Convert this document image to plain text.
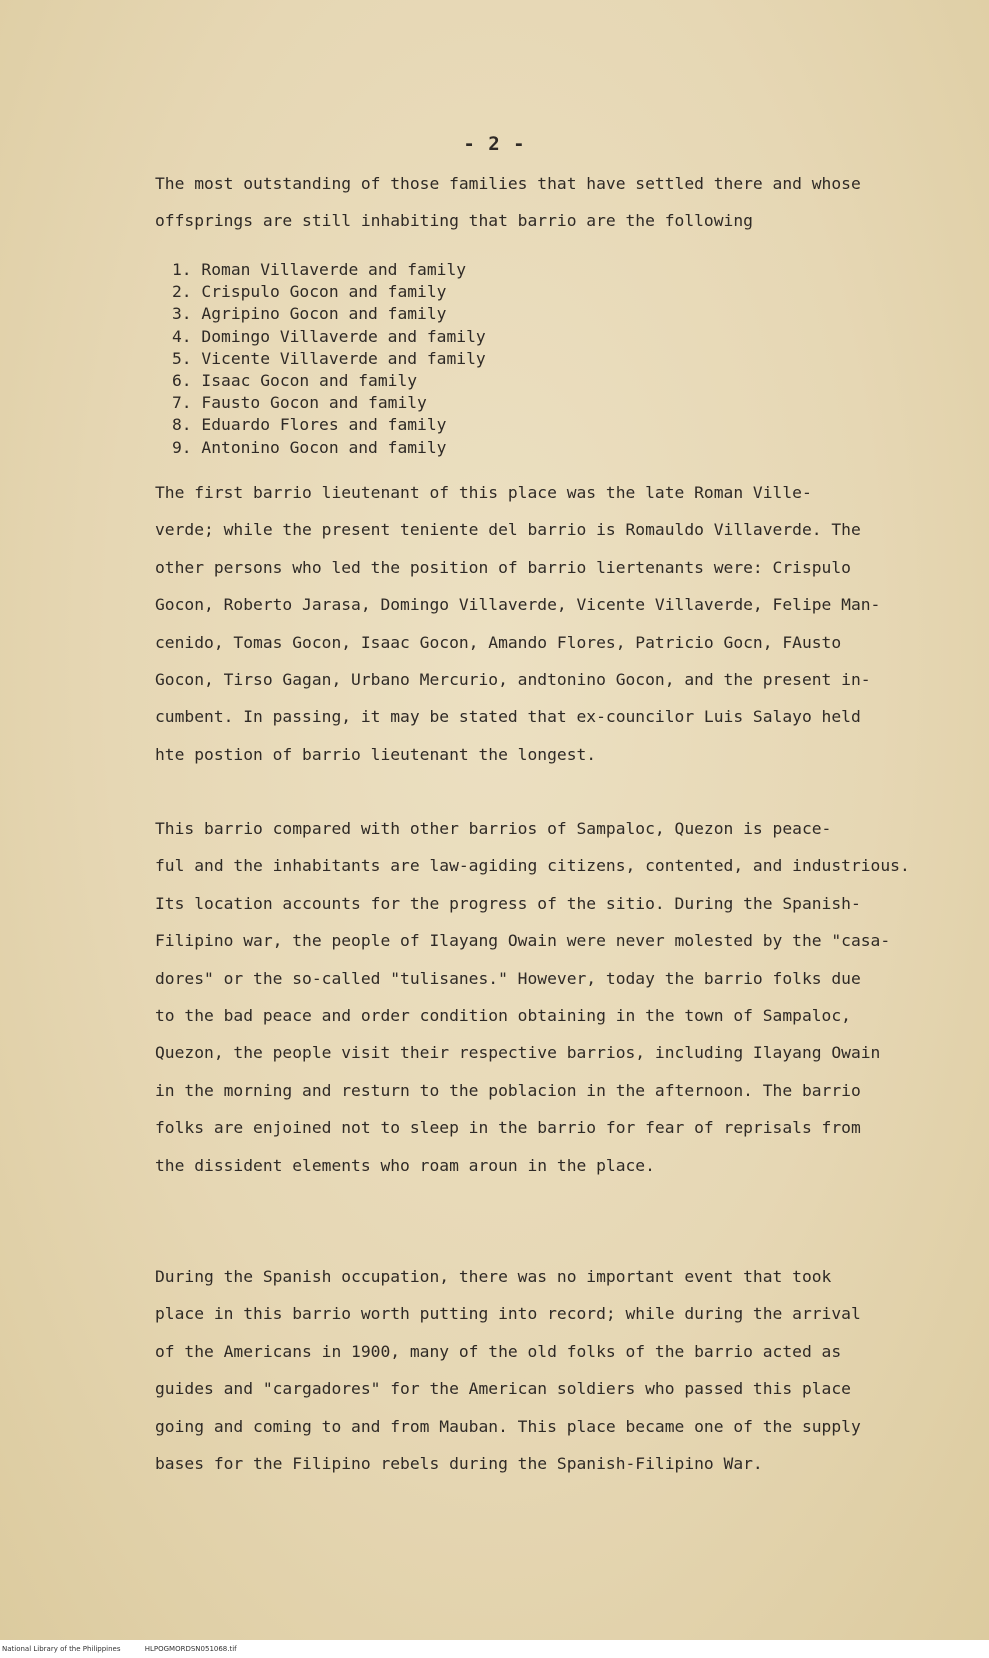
- 2 -
The most outstanding of those families that have settled there and whose
offsprings are still inhabiting that barrio are the following
1. Roman Villaverde and family
2. Crispulo Gocon and family
3. Agripino Gocon and family
4. Domingo Villaverde and family
5. Vicente Villaverde and family
6. Isaac Gocon and family
7. Fausto Gocon and family
8. Eduardo Flores and family
9. Antonino Gocon and family
The first barrio lieutenant of this place was the late Roman Ville-
verde; while the present teniente del barrio is Romauldo Villaverde. The
other persons who led the position of barrio liertenants were: Crispulo
Gocon, Roberto Jarasa, Domingo Villaverde, Vicente Villaverde, Felipe Man-
cenido, Tomas Gocon, Isaac Gocon, Amando Flores, Patricio Gocn, FAusto
Gocon, Tirso Gagan, Urbano Mercurio, andtonino Gocon, and the present in-
cumbent. In passing, it may be stated that ex-councilor Luis Salayo held
hte postion of barrio lieutenant the longest.
This barrio compared with other barrios of Sampaloc, Quezon is peace-
ful and the inhabitants are law-agiding citizens, contented, and industrious.
Its location accounts for the progress of the sitio. During the Spanish-
Filipino war, the people of Ilayang Owain were never molested by the "casa-
dores" or the so-called "tulisanes." However, today the barrio folks due
to the bad peace and order condition obtaining in the town of Sampaloc,
Quezon, the people visit their respective barrios, including Ilayang Owain
in the morning and resturn to the poblacion in the afternoon. The barrio
folks are enjoined not to sleep in the barrio for fear of reprisals from
the dissident elements who roam aroun in the place.
During the Spanish occupation, there was no important event that took
place in this barrio worth putting into record; while during the arrival
of the Americans in 1900, many of the old folks of the barrio acted as
guides and "cargadores" for the American soldiers who passed this place
going and coming to and from Mauban. This place became one of the supply
bases for the Filipino rebels during the Spanish-Filipino War.
National Library of the Philippines	HLPOGMORDSN051068.tif
